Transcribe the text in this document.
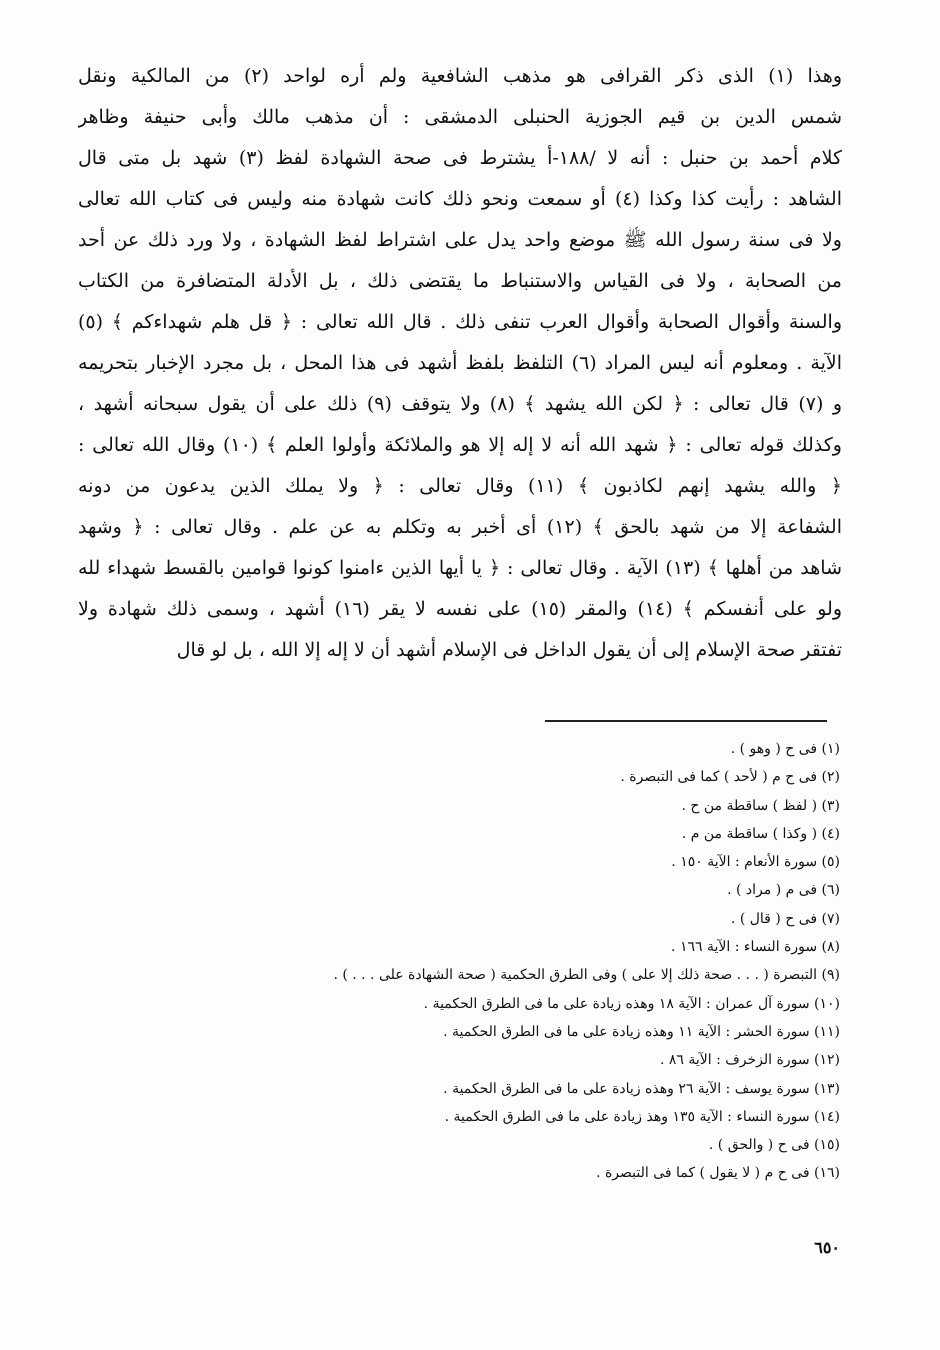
وهذا (١) الذى ذكر القرافى هو مذهب الشافعية ولم أره لواحد (٢) من المالكية ونقل
شمس الدين بن قيم الجوزية الحنبلى الدمشقى : أن مذهب مالك وأبى حنيفة وظاهر
كلام أحمد بن حنبل : أنه لا /١٨٨-أ يشترط فى صحة الشهادة لفظ (٣) شهد بل متى قال
الشاهد : رأيت كذا وكذا (٤) أو سمعت ونحو ذلك كانت شهادة منه وليس فى كتاب الله تعالى
ولا فى سنة رسول الله ﷺ موضع واحد يدل على اشتراط لفظ الشهادة ، ولا ورد ذلك عن أحد
من الصحابة ، ولا فى القياس والاستنباط ما يقتضى ذلك ، بل الأدلة المتضافرة من الكتاب
والسنة وأقوال الصحابة وأقوال العرب تنفى ذلك . قال الله تعالى : ﴿ قل هلم شهداءكم ﴾ (٥)
الآية . ومعلوم أنه ليس المراد (٦) التلفظ بلفظ أشهد فى هذا المحل ، بل مجرد الإخبار بتحريمه
و (٧) قال تعالى : ﴿ لكن الله يشهد ﴾ (٨) ولا يتوقف (٩) ذلك على أن يقول سبحانه أشهد ،
وكذلك قوله تعالى : ﴿ شهد الله أنه لا إله إلا هو والملائكة وأولوا العلم ﴾ (١٠) وقال الله تعالى :
﴿ والله يشهد إنهم لكاذبون ﴾ (١١) وقال تعالى : ﴿ ولا يملك الذين يدعون من دونه
الشفاعة إلا من شهد بالحق ﴾ (١٢) أى أخبر به وتكلم به عن علم . وقال تعالى : ﴿ وشهد
شاهد من أهلها ﴾ (١٣) الآية . وقال تعالى : ﴿ يا أيها الذين ءامنوا كونوا قوامين بالقسط شهداء لله
ولو على أنفسكم ﴾ (١٤) والمقر (١٥) على نفسه لا يقر (١٦) أشهد ، وسمى ذلك شهادة ولا
تفتقر صحة الإسلام إلى أن يقول الداخل فى الإسلام أشهد أن لا إله إلا الله ، بل لو قال
(١) فى ح ( وهو ) .
(٢) فى ح م ( لأحد ) كما فى التبصرة .
(٣) ( لفظ ) ساقطة من ح .
(٤) ( وكذا ) ساقطة من م .
(٥) سورة الأنعام : الآية ١٥٠ .
(٦) فى م ( مراد ) .
(٧) فى ح ( قال ) .
(٨) سورة النساء : الآية ١٦٦ .
(٩) التبصرة ( . . . صحة ذلك إلا على ) وفى الطرق الحكمية ( صحة الشهادة على . . . ) .
(١٠) سورة آل عمران : الآية ١٨ وهذه زيادة على ما فى الطرق الحكمية .
(١١) سورة الحشر : الآية ١١ وهذه زيادة على ما فى الطرق الحكمية .
(١٢) سورة الزخرف : الآية ٨٦ .
(١٣) سورة يوسف : الآية ٢٦ وهذه زيادة على ما فى الطرق الحكمية .
(١٤) سورة النساء : الآية ١٣٥ وهذ زيادة على ما فى الطرق الحكمية .
(١٥) فى ح ( والحق ) .
(١٦) فى ح م ( لا يقول ) كما فى التبصرة .
٦٥٠
